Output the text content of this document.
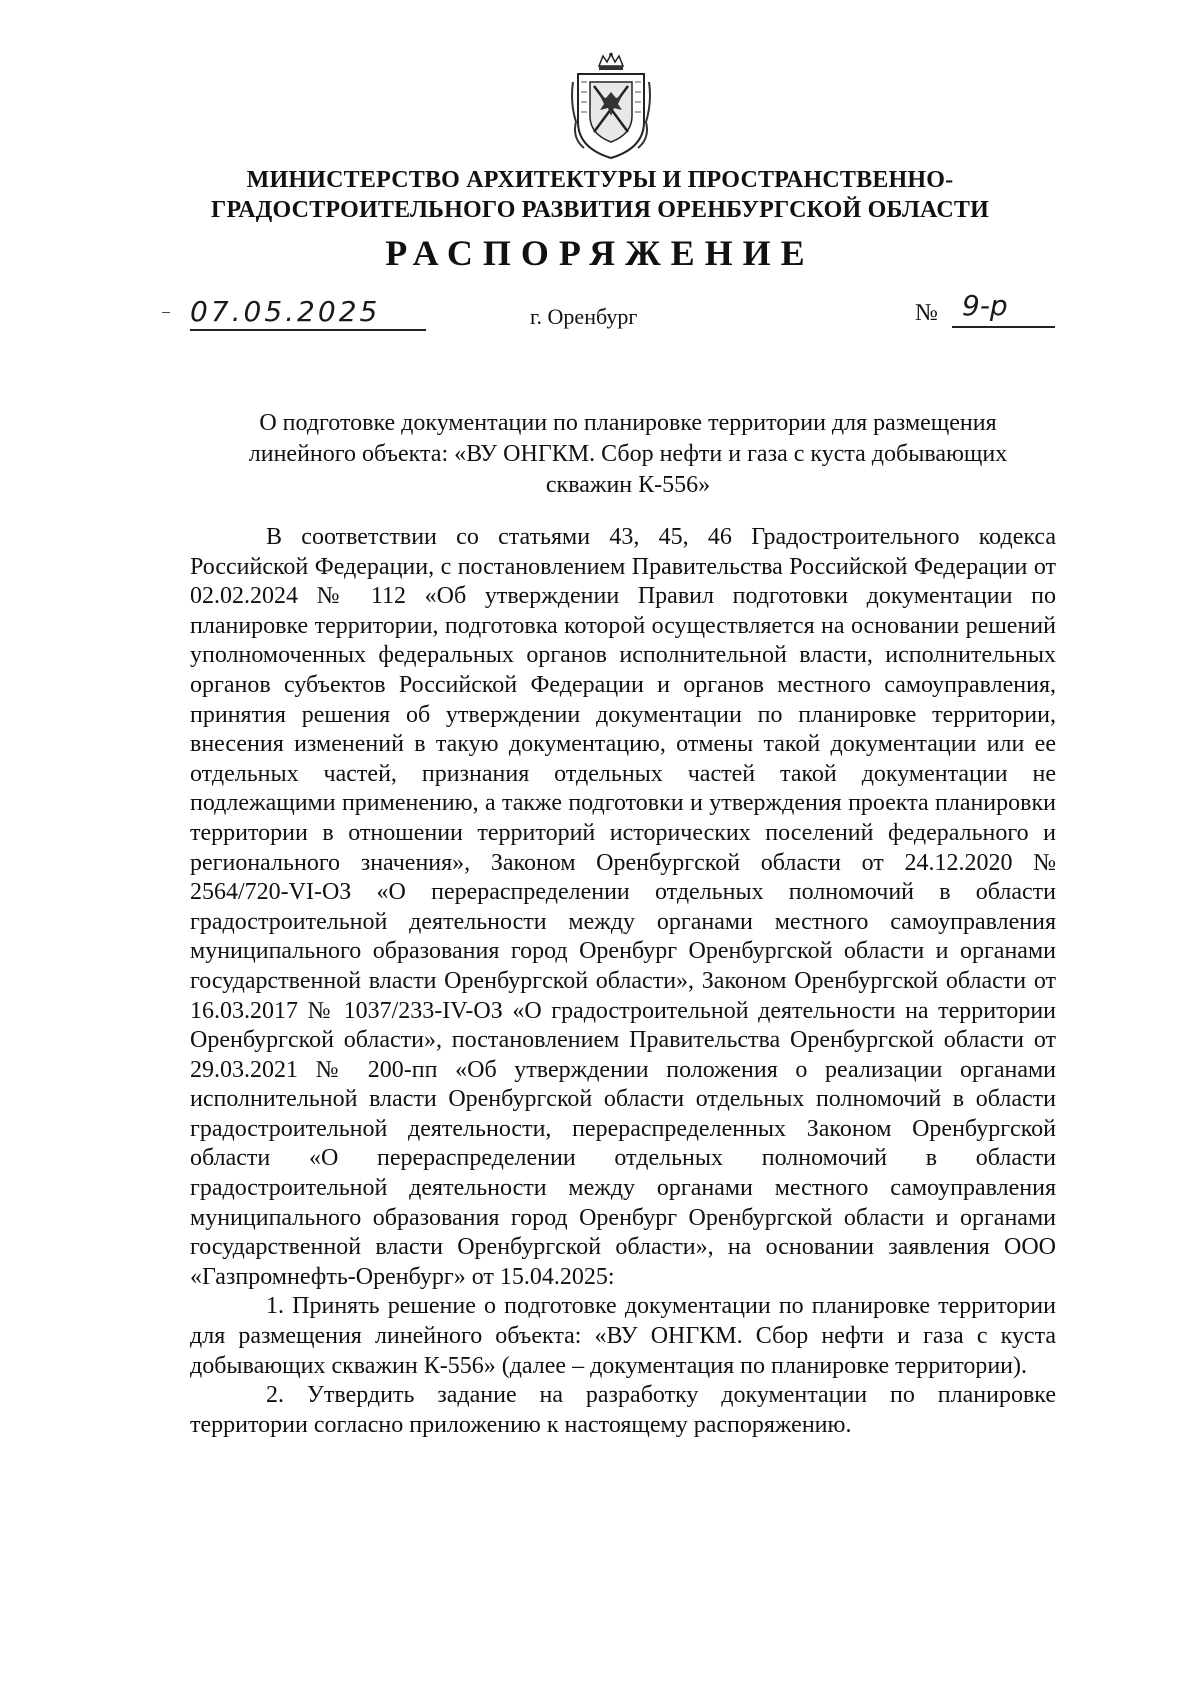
МИНИСТЕРСТВО АРХИТЕКТУРЫ И ПРОСТРАНСТВЕННО-
ГРАДОСТРОИТЕЛЬНОГО РАЗВИТИЯ ОРЕНБУРГСКОЙ ОБЛАСТИ
РАСПОРЯЖЕНИЕ
07.05.2025	г. Оренбург	№ 9-р
О подготовке документации по планировке территории для размещения
линейного объекта: «ВУ ОНГКМ. Сбор нефти и газа с куста добывающих
скважин К-556»

В соответствии со статьями 43, 45, 46 Градостроительного кодекса Российской Федерации, с постановлением Правительства Российской Федерации от 02.02.2024 № 112 «Об утверждении Правил подготовки документации по планировке территории, подготовка которой осуществляется на основании решений уполномоченных федеральных органов исполнительной власти, исполнительных органов субъектов Российской Федерации и органов местного самоуправления, принятия решения об утверждении документации по планировке территории, внесения изменений в такую документацию, отмены такой документации или ее отдельных частей, признания отдельных частей такой документации не подлежащими применению, а также подготовки и утверждения проекта планировки территории в отношении территорий исторических поселений федерального и регионального значения», Законом Оренбургской области от 24.12.2020 № 2564/720-VI-ОЗ «О перераспределении отдельных полномочий в области градостроительной деятельности между органами местного самоуправления муниципального образования город Оренбург Оренбургской области и органами государственной власти Оренбургской области», Законом Оренбургской области от 16.03.2017 № 1037/233-IV-ОЗ «О градостроительной деятельности на территории Оренбургской области», постановлением Правительства Оренбургской области от 29.03.2021 № 200-пп «Об утверждении положения о реализации органами исполнительной власти Оренбургской области отдельных полномочий в области градостроительной деятельности, перераспределенных Законом Оренбургской области «О перераспределении отдельных полномочий в области градостроительной деятельности между органами местного самоуправления муниципального образования город Оренбург Оренбургской области и органами государственной власти Оренбургской области», на основании заявления ООО «Газпромнефть-Оренбург» от 15.04.2025:

1. Принять решение о подготовке документации по планировке территории для размещения линейного объекта: «ВУ ОНГКМ. Сбор нефти и газа с куста добывающих скважин К-556» (далее – документация по планировке территории).

2. Утвердить задание на разработку документации по планировке территории согласно приложению к настоящему распоряжению.
